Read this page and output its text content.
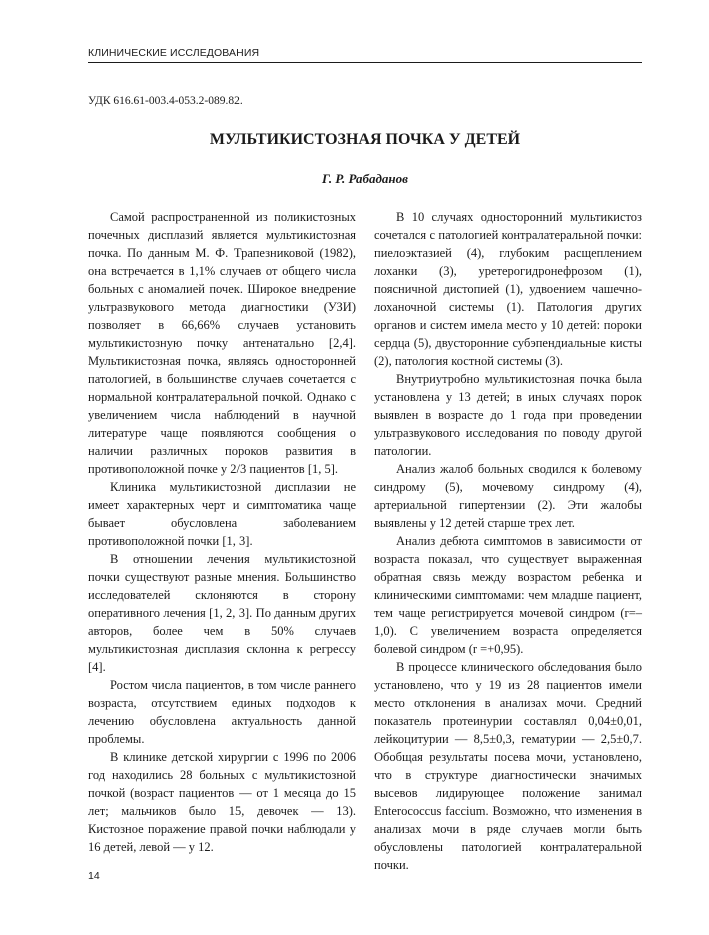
КЛИНИЧЕСКИЕ ИССЛЕДОВАНИЯ
УДК 616.61-003.4-053.2-089.82.
МУЛЬТИКИСТОЗНАЯ ПОЧКА У ДЕТЕЙ
Г. Р. Рабаданов

Самой распространенной из поликистозных почечных дисплазий является мультикистозная почка. По данным М. Ф. Трапезниковой (1982), она встречается в 1,1% случаев от общего числа больных с аномалией почек. Широкое внедрение ультразвукового метода диагностики (УЗИ) позволяет в 66,66% случаев установить мультикистозную почку антенатально [2,4]. Мультикистозная почка, являясь односторонней патологией, в большинстве случаев сочетается с нормальной контралатеральной почкой. Однако с увеличением числа наблюдений в научной литературе чаще появляются сообщения о наличии различных пороков развития в противоположной почке у 2/3 пациентов [1, 5].

Клиника мультикистозной дисплазии не имеет характерных черт и симптоматика чаще бывает обусловлена заболеванием противоположной почки [1, 3].

В отношении лечения мультикистозной почки существуют разные мнения. Большинство исследователей склоняются в сторону оперативного лечения [1, 2, 3]. По данным других авторов, более чем в 50% случаев мультикистозная дисплазия склонна к регрессу [4].

Ростом числа пациентов, в том числе раннего возраста, отсутствием единых подходов к лечению обусловлена актуальность данной проблемы.

В клинике детской хирургии с 1996 по 2006 год находились 28 больных с мультикистозной почкой (возраст пациентов — от 1 месяца до 15 лет; мальчиков было 15, девочек — 13). Кистозное поражение правой почки наблюдали у 16 детей, левой — у 12.

В 10 случаях односторонний мультикистоз сочетался с патологией контралатеральной почки: пиелоэктазией (4), глубоким расщеплением лоханки (3), уретерогидронефрозом (1), поясничной дистопией (1), удвоением чашечно-лоханочной системы (1). Патология других органов и систем имела место у 10 детей: пороки сердца (5), двусторонние субэпендиальные кисты (2), патология костной системы (3).

Внутриутробно мультикистозная почка была установлена у 13 детей; в иных случаях порок выявлен в возрасте до 1 года при проведении ультразвукового исследования по поводу другой патологии.

Анализ жалоб больных сводился к болевому синдрому (5), мочевому синдрому (4), артериальной гипертензии (2). Эти жалобы выявлены у 12 детей старше трех лет.

Анализ дебюта симптомов в зависимости от возраста показал, что существует выраженная обратная связь между возрастом ребенка и клиническими симптомами: чем младше пациент, тем чаще регистрируется мочевой синдром (r=–1,0). С увеличением возраста определяется болевой синдром (r =+0,95).

В процессе клинического обследования было установлено, что у 19 из 28 пациентов имели место отклонения в анализах мочи. Средний показатель протеинурии составлял 0,04±0,01, лейкоцитурии — 8,5±0,3, гематурии — 2,5±0,7. Обобщая результаты посева мочи, установлено, что в структуре диагностически значимых высевов лидирующее положение занимал Enterococcus faccium. Возможно, что изменения в анализах мочи в ряде случаев могли быть обусловлены патологией контралатеральной почки.

14
